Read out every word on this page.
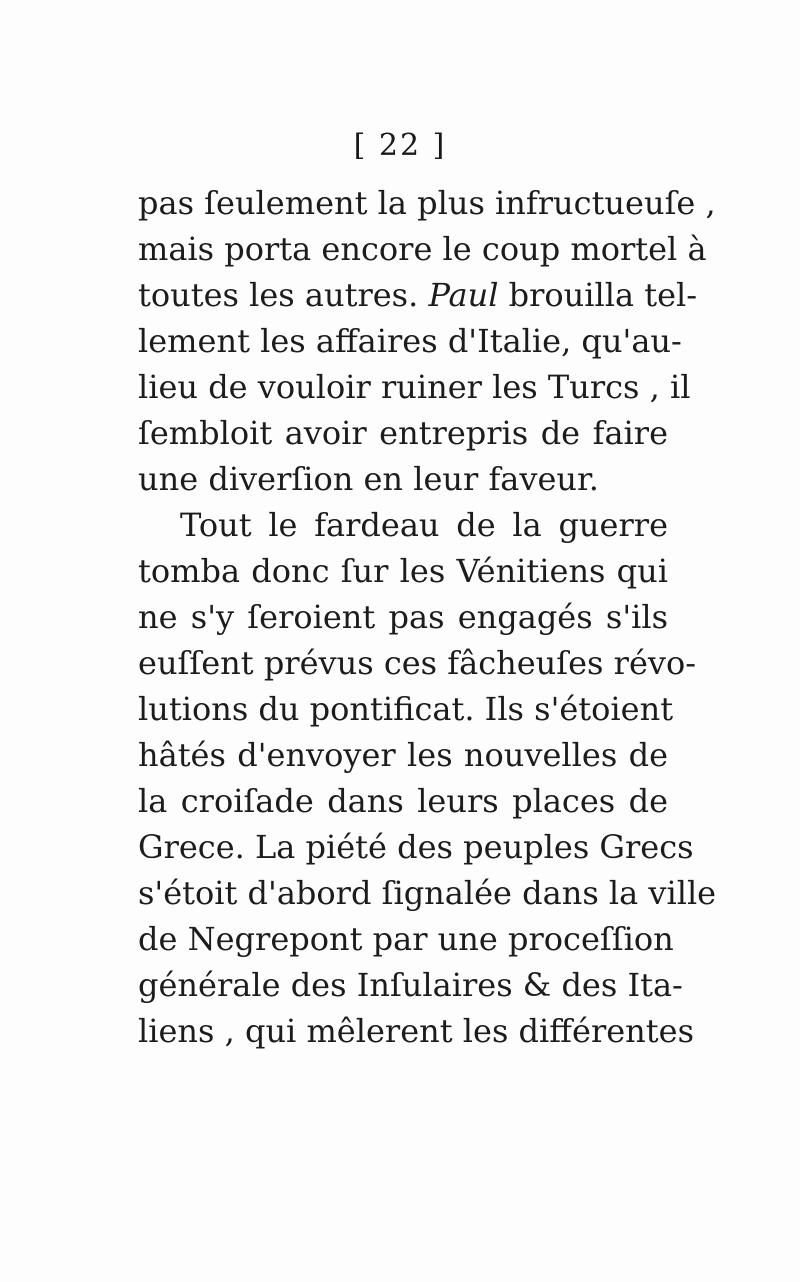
[ 22 ]
pas ſeulement la plus infructueuſe ,
mais porta encore le coup mortel à
toutes les autres. Paul brouilla tel-
lement les affaires d'Italie, qu'au-
lieu de vouloir ruiner les Turcs , il
ſembloit avoir entrepris de faire
une diverſion en leur faveur.
Tout le fardeau de la guerre
tomba donc ſur les Vénitiens qui
ne s'y ſeroient pas engagés s'ils
euſſent prévus ces fâcheuſes révo-
lutions du pontificat. Ils s'étoient
hâtés d'envoyer les nouvelles de
la croiſade dans leurs places de
Grece. La piété des peuples Grecs
s'étoit d'abord ſignalée dans la ville
de Negrepont par une proceſſion
générale des Inſulaires & des Ita-
liens , qui mêlerent les différentes
